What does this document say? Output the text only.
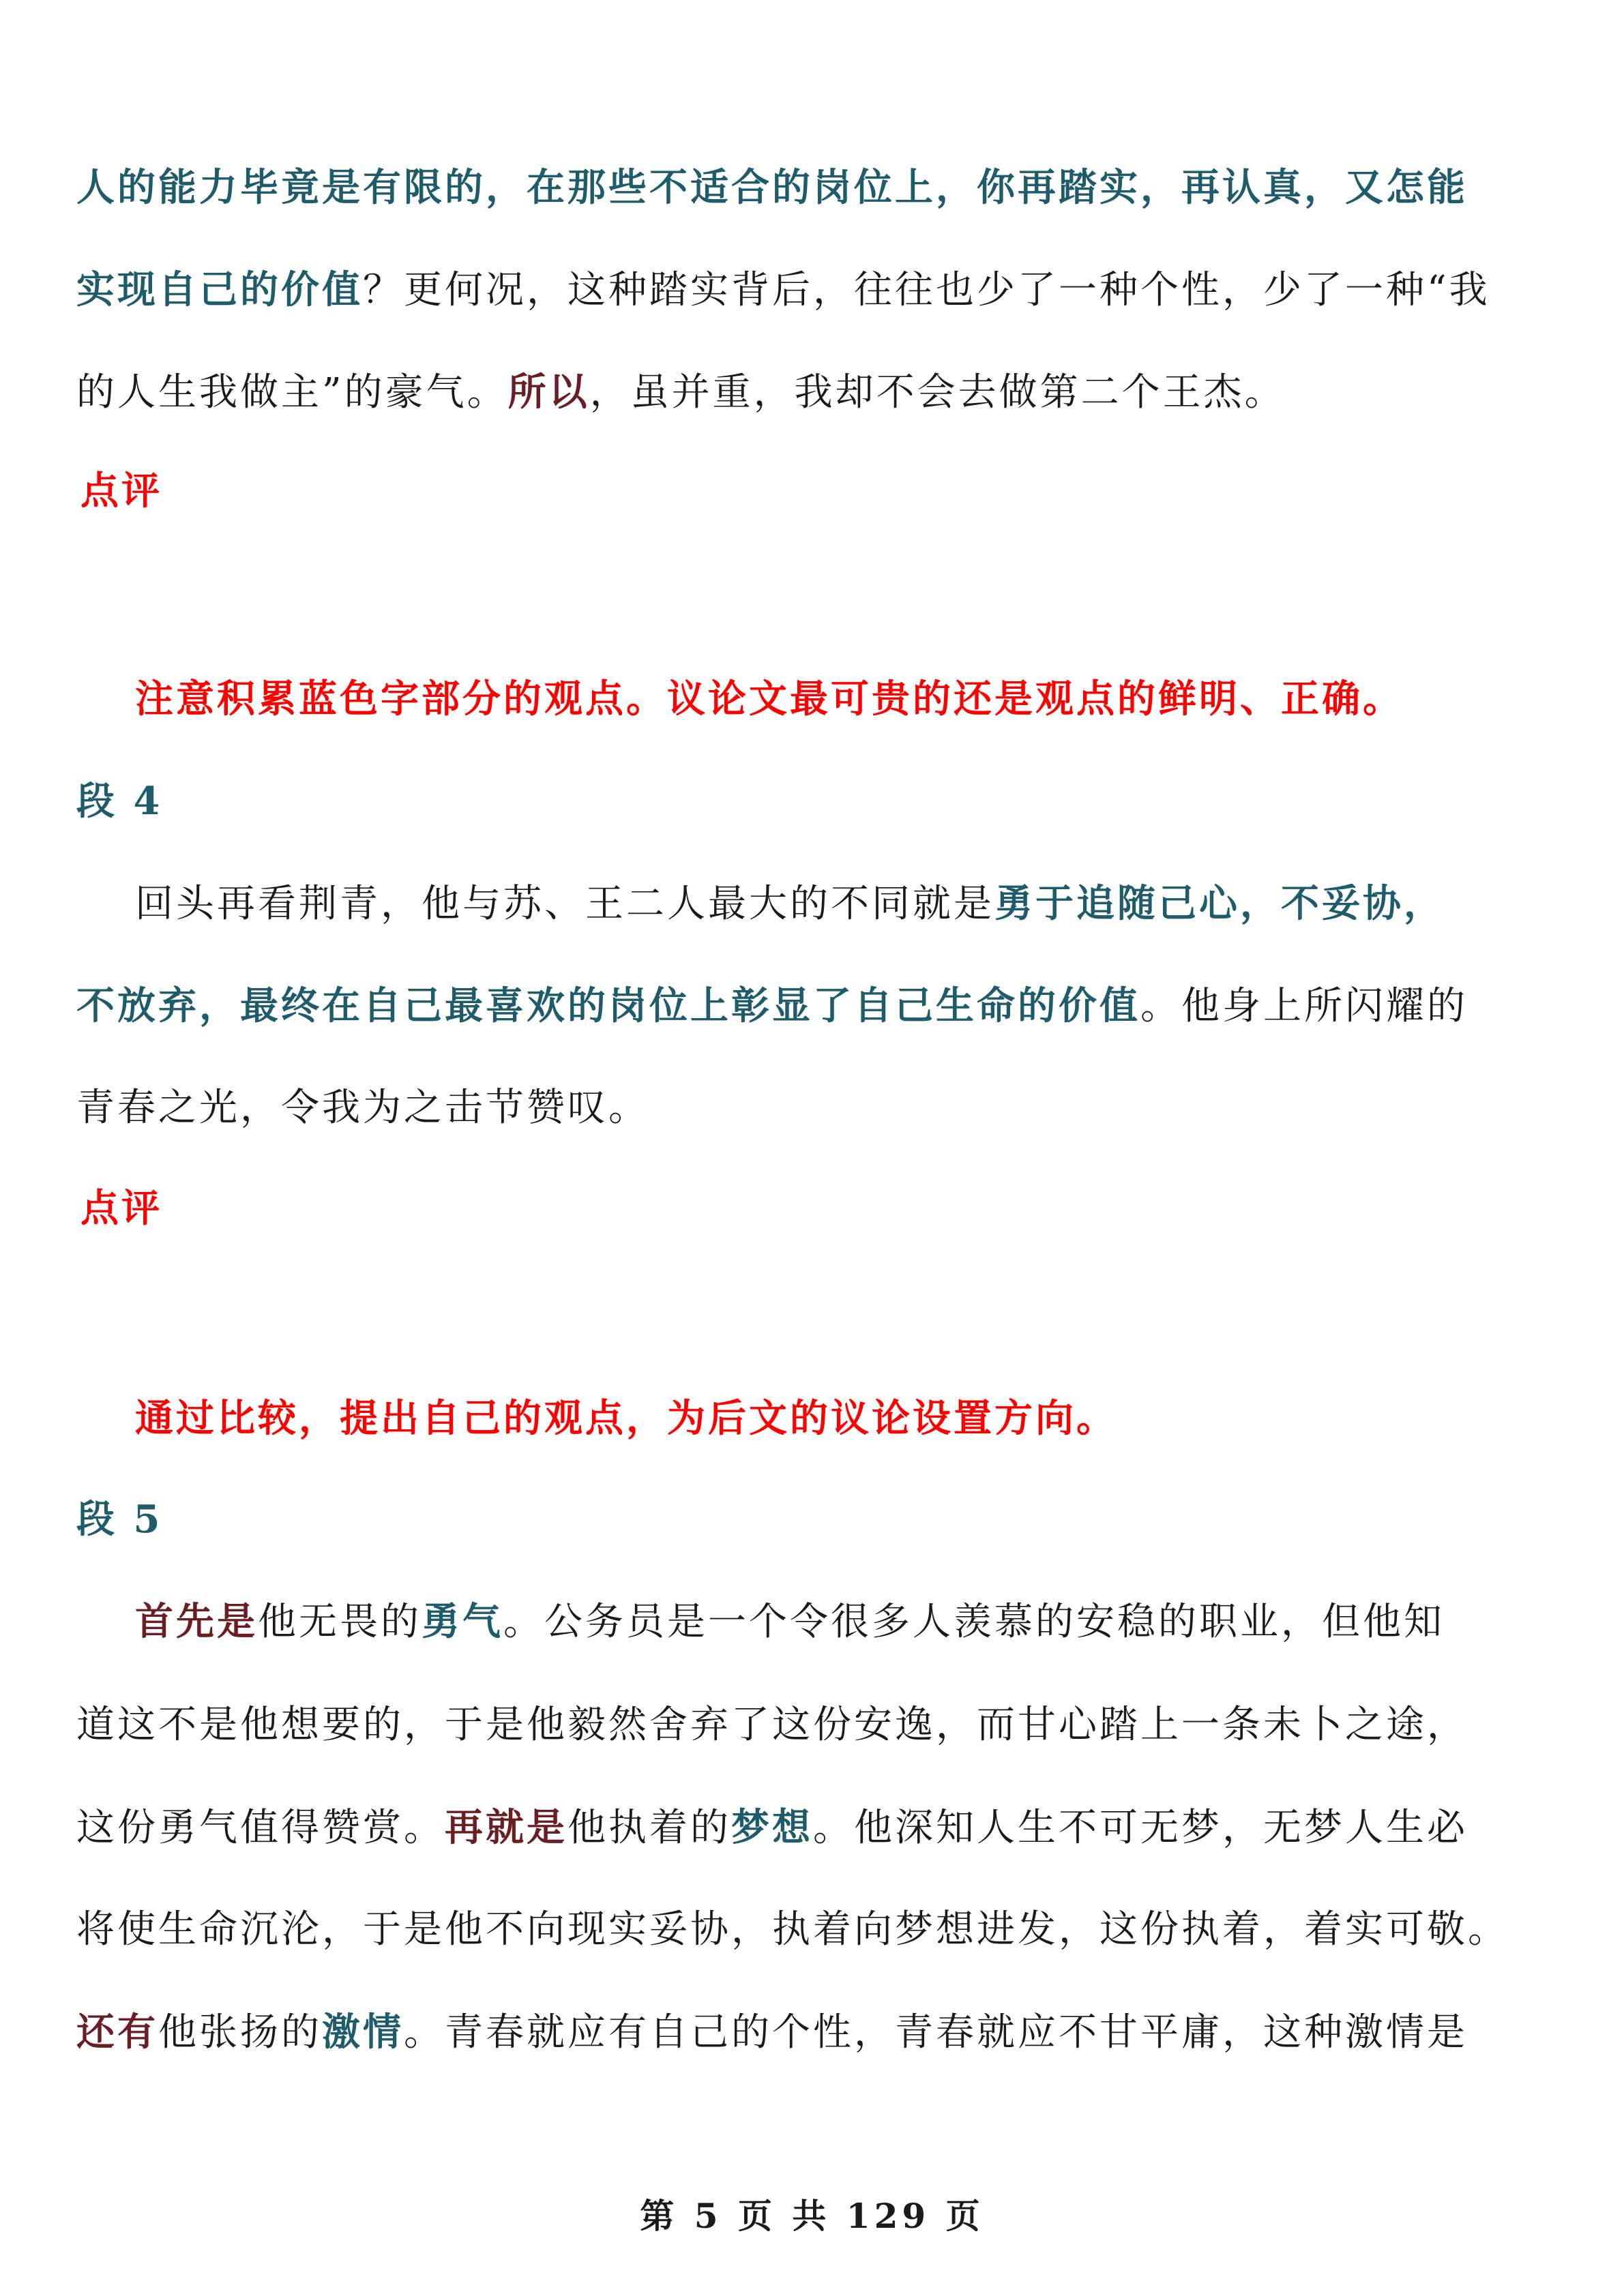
人的能力毕竟是有限的，在那些不适合的岗位上，你再踏实，再认真，又怎能
实现自己的价值？更何况，这种踏实背后，往往也少了一种个性，少了一种“我
的人生我做主”的豪气。所以，虽并重，我却不会去做第二个王杰。
点评
注意积累蓝色字部分的观点。议论文最可贵的还是观点的鲜明、正确。
段 4
回头再看荆青，他与苏、王二人最大的不同就是勇于追随己心，不妥协，
不放弃，最终在自己最喜欢的岗位上彰显了自己生命的价值。他身上所闪耀的
青春之光，令我为之击节赞叹。
点评
通过比较，提出自己的观点，为后文的议论设置方向。
段 5
首先是他无畏的勇气。公务员是一个令很多人羡慕的安稳的职业，但他知
道这不是他想要的，于是他毅然舍弃了这份安逸，而甘心踏上一条未卜之途，
这份勇气值得赞赏。再就是他执着的梦想。他深知人生不可无梦，无梦人生必
将使生命沉沦，于是他不向现实妥协，执着向梦想进发，这份执着，着实可敬。
还有他张扬的激情。青春就应有自己的个性，青春就应不甘平庸，这种激情是
第 5 页 共 129 页
